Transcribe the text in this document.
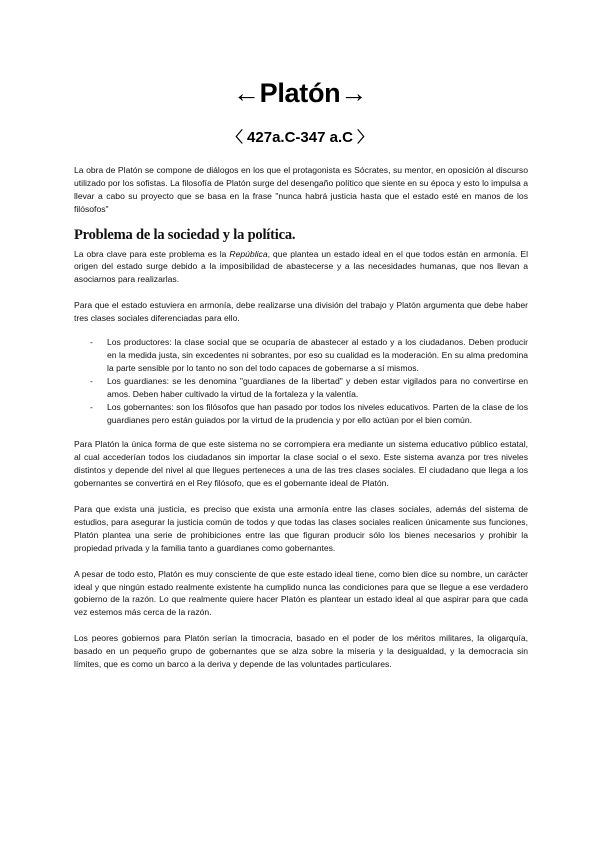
←Platón→
〈 427a.C-347 a.C 〉

La obra de Platón se compone de diálogos en los que el protagonista es Sócrates, su mentor, en oposición al discurso utilizado por los sofistas. La filosofía de Platón surge del desengaño político que siente en su época y esto lo impulsa a llevar a cabo su proyecto que se basa en la frase "nunca habrá justicia hasta que el estado esté en manos de los filósofos"

Problema de la sociedad y la política.

La obra clave para este problema es la República, que plantea un estado ideal en el que todos están en armonía. El origen del estado surge debido a la imposibilidad de abastecerse y a las necesidades humanas, que nos llevan a asociarnos para realizarlas.

Para que el estado estuviera en armonía, debe realizarse una división del trabajo y Platón argumenta que debe haber tres clases sociales diferenciadas para ello.

- Los productores: la clase social que se ocuparía de abastecer al estado y a los ciudadanos. Deben producir en la medida justa, sin excedentes ni sobrantes, por eso su cualidad es la moderación. En su alma predomina la parte sensible por lo tanto no son del todo capaces de gobernarse a sí mismos.
- Los guardianes: se les denomina "guardianes de la libertad" y deben estar vigilados para no convertirse en amos. Deben haber cultivado la virtud de la fortaleza y la valentía.
- Los gobernantes: son los filósofos que han pasado por todos los niveles educativos. Parten de la clase de los guardianes pero están guiados por la virtud de la prudencia y por ello actúan por el bien común.

Para Platón la única forma de que este sistema no se corrompiera era mediante un sistema educativo público estatal, al cual accederían todos los ciudadanos sin importar la clase social o el sexo. Este sistema avanza por tres niveles distintos y depende del nivel al que llegues perteneces a una de las tres clases sociales. El ciudadano que llega a los gobernantes se convertirá en el Rey filósofo, que es el gobernante ideal de Platón.

Para que exista una justicia, es preciso que exista una armonía entre las clases sociales, además del sistema de estudios, para asegurar la justicia común de todos y que todas las clases sociales realicen únicamente sus funciones, Platón plantea una serie de prohibiciones entre las que figuran producir sólo los bienes necesarios y prohibir la propiedad privada y la familia tanto a guardianes como gobernantes.

A pesar de todo esto, Platón es muy consciente de que este estado ideal tiene, como bien dice su nombre, un carácter ideal y que ningún estado realmente existente ha cumplido nunca las condiciones para que se llegue a ese verdadero gobierno de la razón. Lo que realmente quiere hacer Platón es plantear un estado ideal al que aspirar para que cada vez estemos más cerca de la razón.

Los peores gobiernos para Platón serían la timocracia, basado en el poder de los méritos militares, la oligarquía, basado en un pequeño grupo de gobernantes que se alza sobre la miseria y la desigualdad, y la democracia sin límites, que es como un barco a la deriva y depende de las voluntades particulares.
